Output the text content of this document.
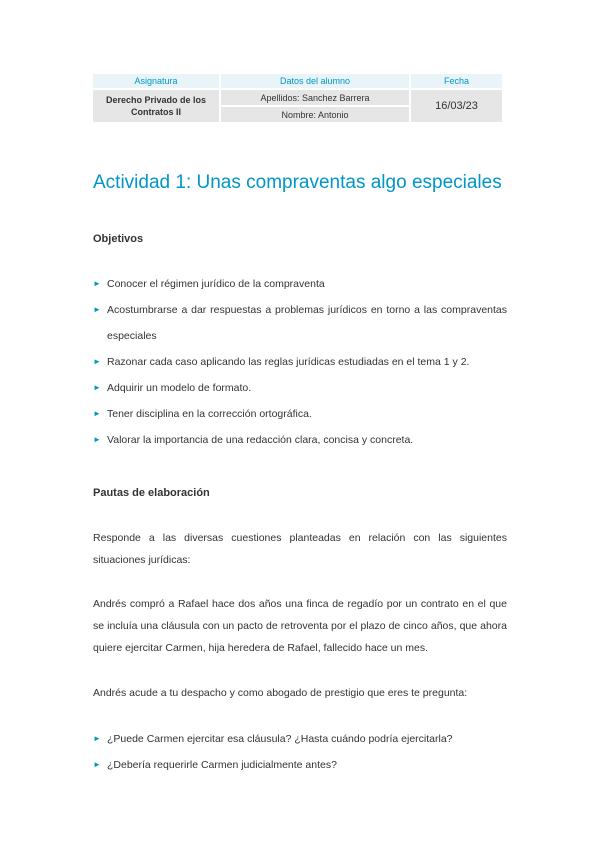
Asignatura	Datos del alumno	Fecha
Derecho Privado de los Contratos II	Apellidos: Sanchez Barrera	16/03/23
	Nombre: Antonio	
Actividad 1: Unas compraventas algo especiales
Objetivos
► Conocer el régimen jurídico de la compraventa
► Acostumbrarse a dar respuestas a problemas jurídicos en torno a las compraventas especiales
► Razonar cada caso aplicando las reglas jurídicas estudiadas en el tema 1 y 2.
► Adquirir un modelo de formato.
► Tener disciplina en la corrección ortográfica.
► Valorar la importancia de una redacción clara, concisa y concreta.
Pautas de elaboración

Responde a las diversas cuestiones planteadas en relación con las siguientes situaciones jurídicas:

Andrés compró a Rafael hace dos años una finca de regadío por un contrato en el que se incluía una cláusula con un pacto de retroventa por el plazo de cinco años, que ahora quiere ejercitar Carmen, hija heredera de Rafael, fallecido hace un mes.

Andrés acude a tu despacho y como abogado de prestigio que eres te pregunta:

► ¿Puede Carmen ejercitar esa cláusula? ¿Hasta cuándo podría ejercitarla?
► ¿Debería requerirle Carmen judicialmente antes?
